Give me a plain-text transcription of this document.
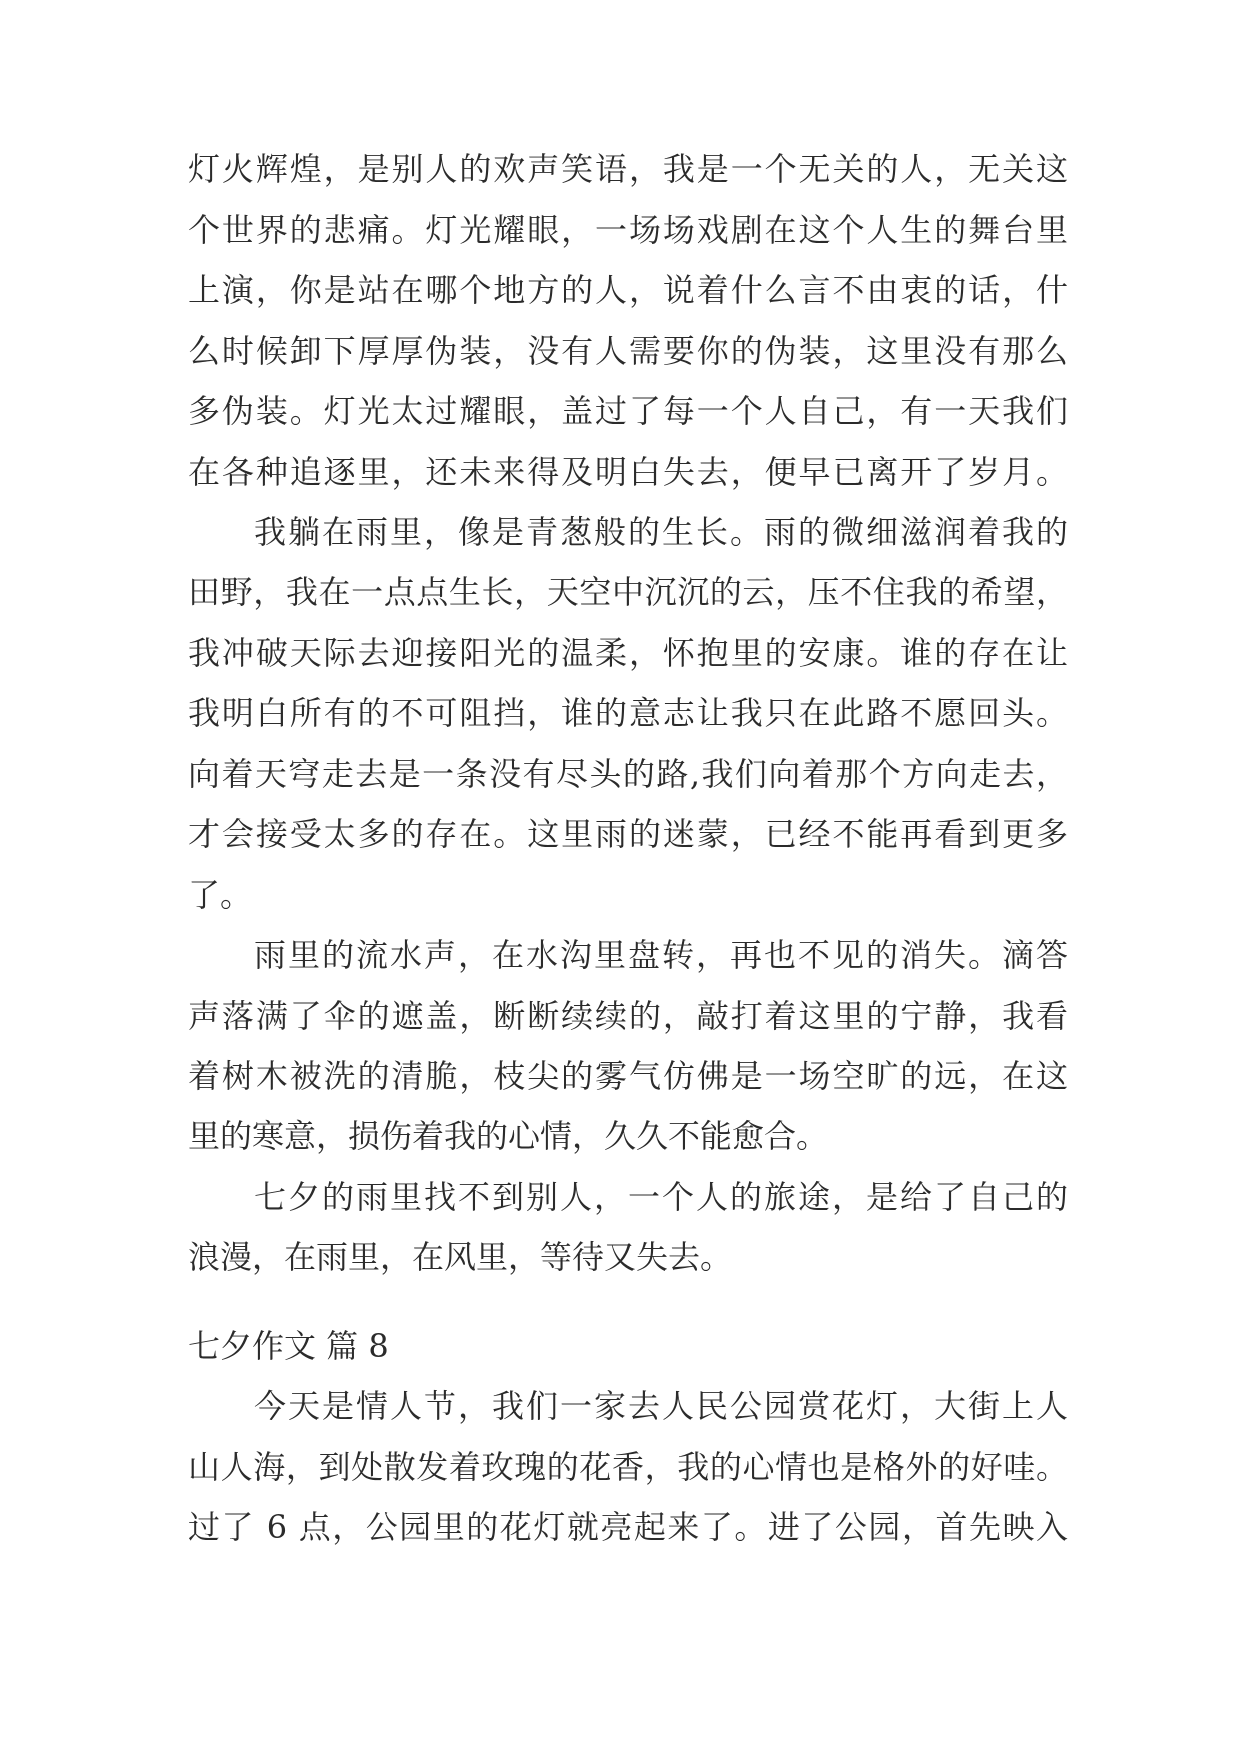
灯火辉煌，是别人的欢声笑语，我是一个无关的人，无关这
个世界的悲痛。灯光耀眼，一场场戏剧在这个人生的舞台里
上演，你是站在哪个地方的人，说着什么言不由衷的话，什
么时候卸下厚厚伪装，没有人需要你的伪装，这里没有那么
多伪装。灯光太过耀眼，盖过了每一个人自己，有一天我们
在各种追逐里，还未来得及明白失去，便早已离开了岁月。
我躺在雨里，像是青葱般的生长。雨的微细滋润着我的
田野，我在一点点生长，天空中沉沉的云，压不住我的希望，
我冲破天际去迎接阳光的温柔，怀抱里的安康。谁的存在让
我明白所有的不可阻挡，谁的意志让我只在此路不愿回头。
向着天穹走去是一条没有尽头的路,我们向着那个方向走去，
才会接受太多的存在。这里雨的迷蒙，已经不能再看到更多
了。
雨里的流水声，在水沟里盘转，再也不见的消失。滴答
声落满了伞的遮盖，断断续续的，敲打着这里的宁静，我看
着树木被洗的清脆，枝尖的雾气仿佛是一场空旷的远，在这
里的寒意，损伤着我的心情，久久不能愈合。
七夕的雨里找不到别人，一个人的旅途，是给了自己的
浪漫，在雨里，在风里，等待又失去。
七夕作文 篇 8
今天是情人节，我们一家去人民公园赏花灯，大街上人
山人海，到处散发着玫瑰的花香，我的心情也是格外的好哇。
过了 6 点，公园里的花灯就亮起来了。进了公园，首先映入
